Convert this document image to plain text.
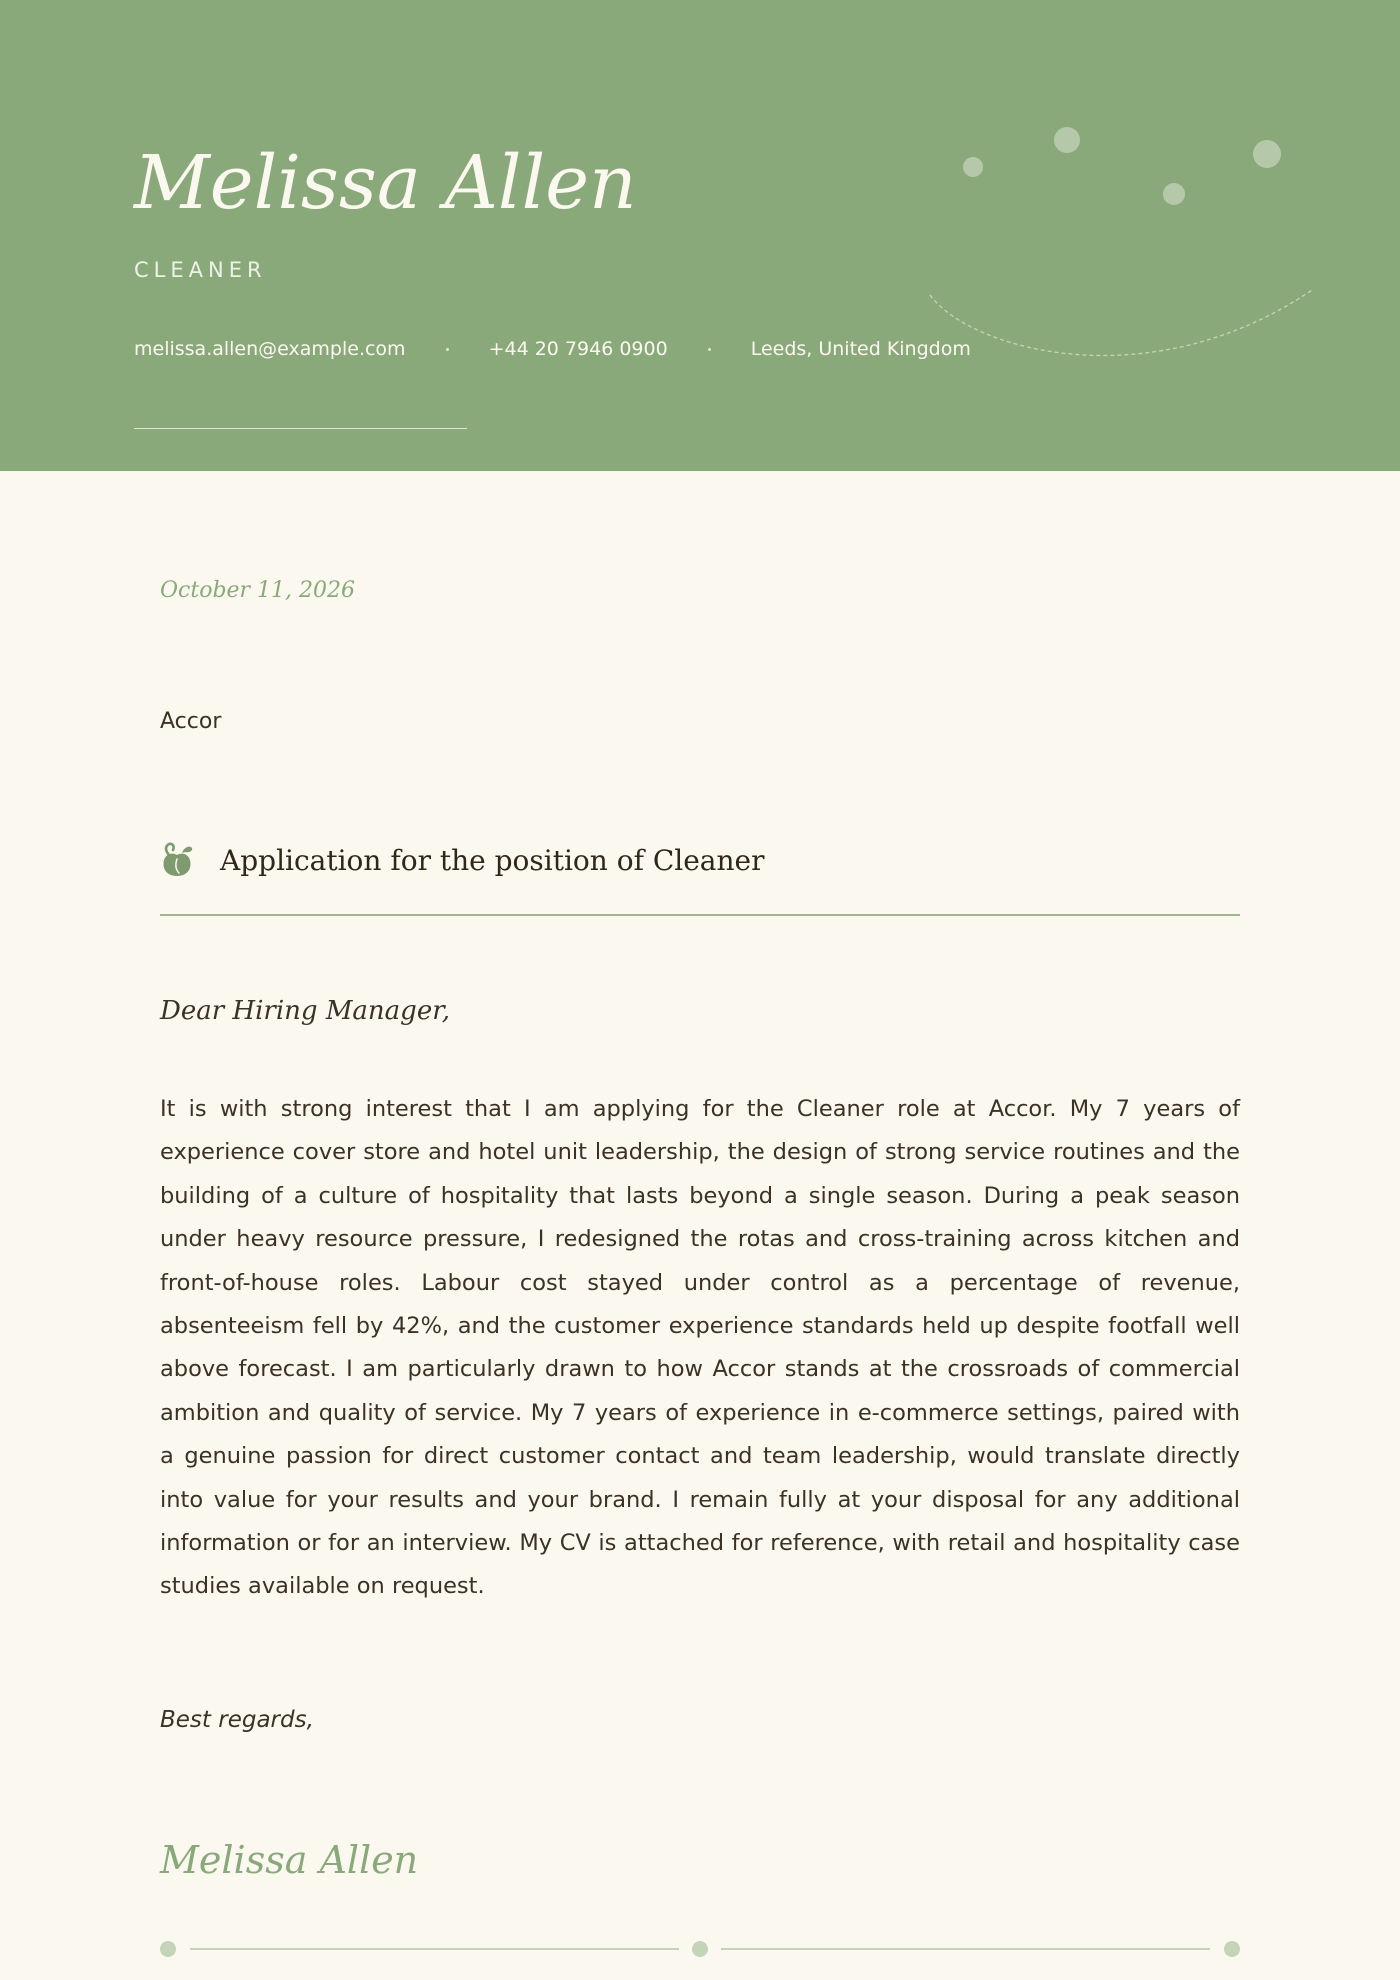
Melissa Allen
CLEANER
melissa.allen@example.com	+44 20 7946 0900	Leeds, United Kingdom
October 11, 2026
Accor
Application for the position of Cleaner
Dear Hiring Manager,

It is with strong interest that I am applying for the Cleaner role at Accor. My 7 years of experience cover store and hotel unit leadership, the design of strong service routines and the building of a culture of hospitality that lasts beyond a single season. During a peak season under heavy resource pressure, I redesigned the rotas and cross-training across kitchen and front-of-house roles. Labour cost stayed under control as a percentage of revenue, absenteeism fell by 42%, and the customer experience standards held up despite footfall well above forecast. I am particularly drawn to how Accor stands at the crossroads of commercial ambition and quality of service. My 7 years of experience in e-commerce settings, paired with a genuine passion for direct customer contact and team leadership, would translate directly into value for your results and your brand. I remain fully at your disposal for any additional information or for an interview. My CV is attached for reference, with retail and hospitality case studies available on request.

Best regards,
Melissa Allen
